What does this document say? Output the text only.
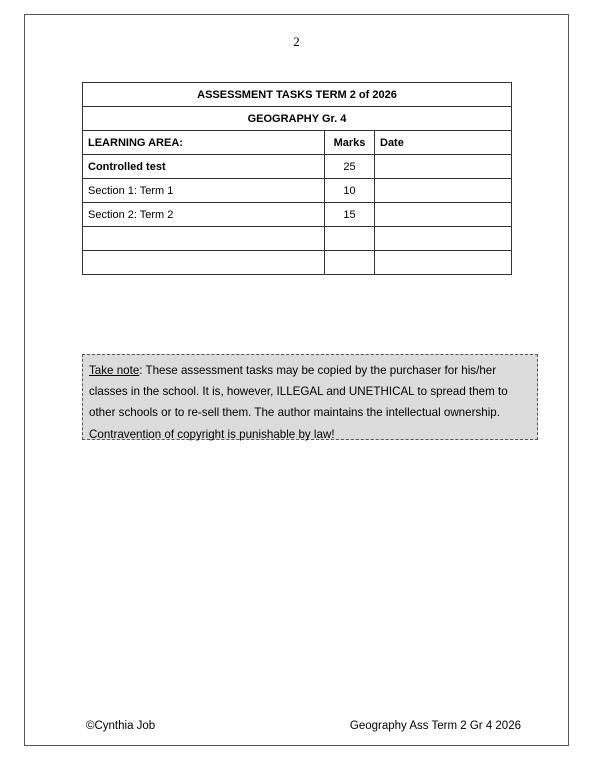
2
ASSESSMENT TASKS TERM 2 of 2026		
GEOGRAPHY Gr. 4		
LEARNING AREA:	Marks	Date
Controlled test	25	
Section 1: Term 1	10	
Section 2: Term 2	15	

Take note: These assessment tasks may be copied by the purchaser for his/her classes in the school. It is, however, ILLEGAL and UNETHICAL to spread them to other schools or to re-sell them. The author maintains the intellectual ownership. Contravention of copyright is punishable by law!
©Cynthia Job	Geography Ass Term 2 Gr 4 2026
